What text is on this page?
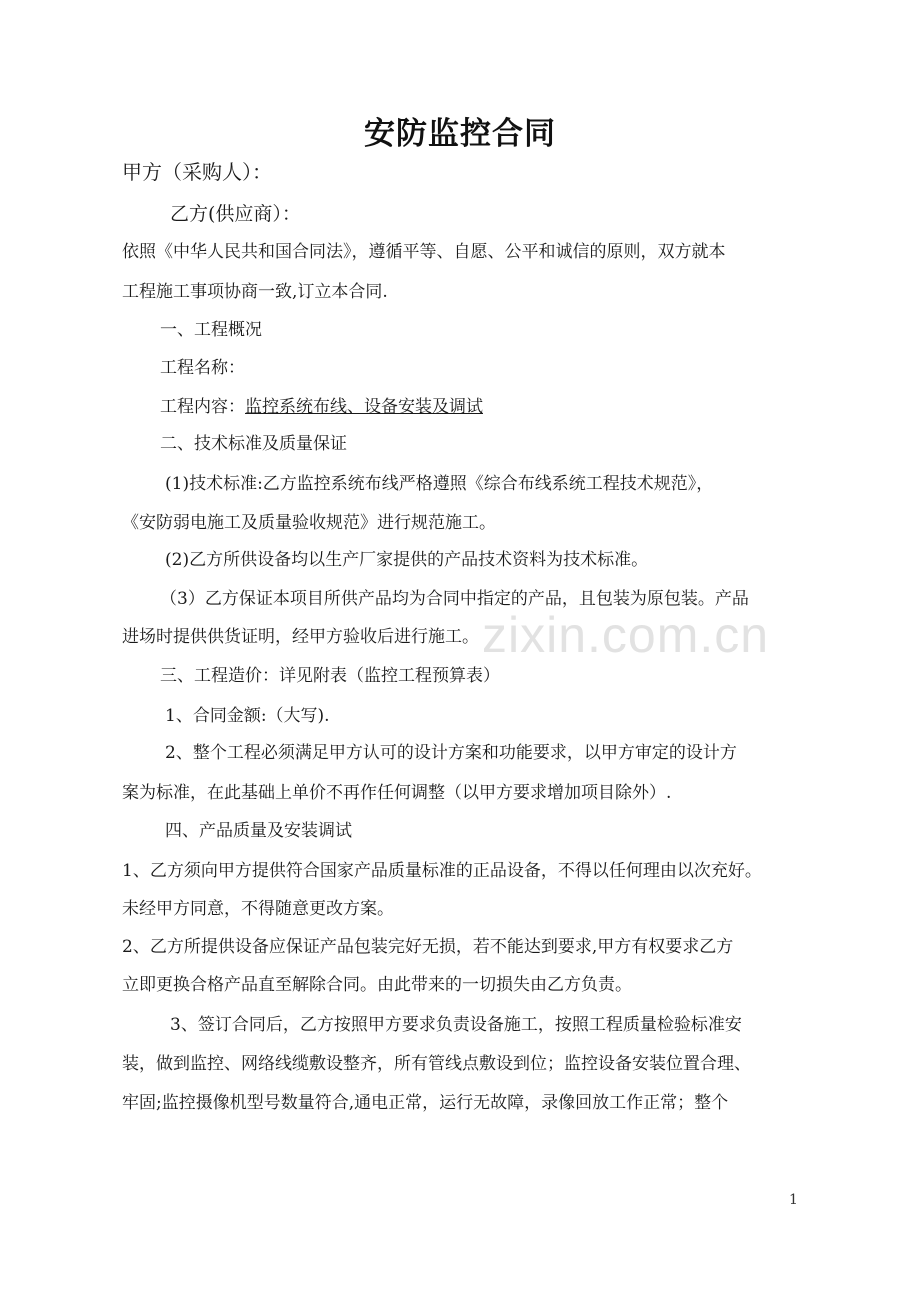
zixin.com.cn
安防监控合同
甲方（采购人）：
乙方(供应商）：
依照《中华人民共和国合同法》，遵循平等、自愿、公平和诚信的原则，双方就本
工程施工事项协商一致,订立本合同.
一、工程概况
工程名称：
工程内容：监控系统布线、设备安装及调试
二、技术标准及质量保证
(1)技术标准:乙方监控系统布线严格遵照《综合布线系统工程技术规范》，
《安防弱电施工及质量验收规范》进行规范施工。
(2)乙方所供设备均以生产厂家提供的产品技术资料为技术标准。
（3）乙方保证本项目所供产品均为合同中指定的产品，且包装为原包装。产品
进场时提供供货证明，经甲方验收后进行施工。
三、工程造价：详见附表（监控工程预算表）
1、合同金额:（大写).
2、整个工程必须满足甲方认可的设计方案和功能要求，以甲方审定的设计方
案为标准，在此基础上单价不再作任何调整（以甲方要求增加项目除外）.
四、产品质量及安装调试
1、乙方须向甲方提供符合国家产品质量标准的正品设备，不得以任何理由以次充好。
未经甲方同意，不得随意更改方案。
2、乙方所提供设备应保证产品包装完好无损，若不能达到要求,甲方有权要求乙方
立即更换合格产品直至解除合同。由此带来的一切损失由乙方负责。
3、签订合同后，乙方按照甲方要求负责设备施工，按照工程质量检验标准安
装，做到监控、网络线缆敷设整齐，所有管线点敷设到位；监控设备安装位置合理、
牢固;监控摄像机型号数量符合,通电正常，运行无故障，录像回放工作正常；整个
1
